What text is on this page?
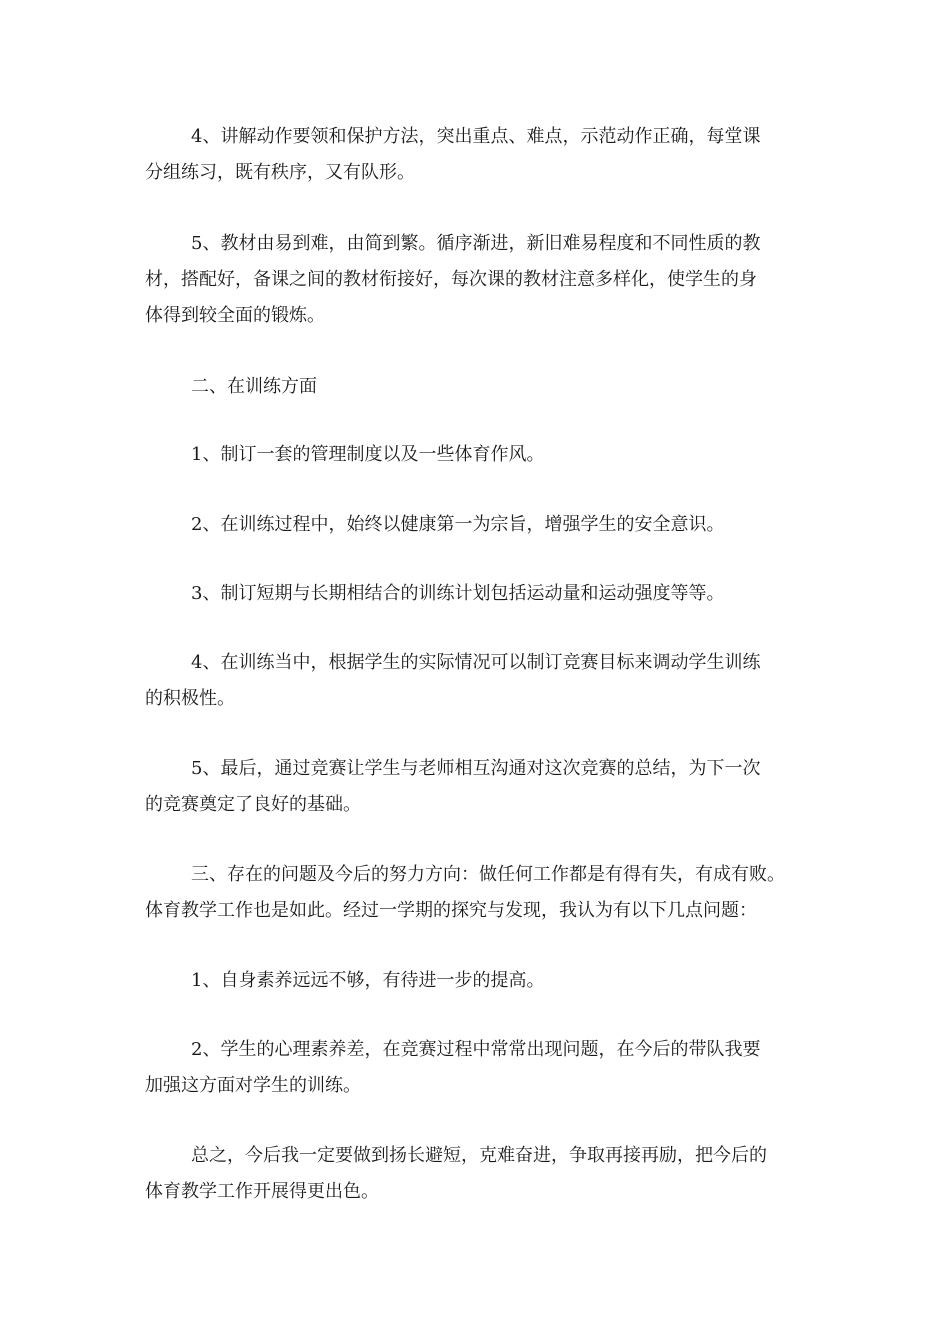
4、讲解动作要领和保护方法，突出重点、难点，示范动作正确，每堂课
分组练习，既有秩序，又有队形。

5、教材由易到难，由简到繁。循序渐进，新旧难易程度和不同性质的教
材，搭配好，备课之间的教材衔接好，每次课的教材注意多样化，使学生的身
体得到较全面的锻炼。

二、在训练方面

1、制订一套的管理制度以及一些体育作风。

2、在训练过程中，始终以健康第一为宗旨，增强学生的安全意识。

3、制订短期与长期相结合的训练计划包括运动量和运动强度等等。

4、在训练当中，根据学生的实际情况可以制订竞赛目标来调动学生训练
的积极性。

5、最后，通过竞赛让学生与老师相互沟通对这次竞赛的总结，为下一次
的竞赛奠定了良好的基础。

三、存在的问题及今后的努力方向：做任何工作都是有得有失，有成有败。
体育教学工作也是如此。经过一学期的探究与发现，我认为有以下几点问题：

1、自身素养远远不够，有待进一步的提高。

2、学生的心理素养差，在竞赛过程中常常出现问题，在今后的带队我要
加强这方面对学生的训练。

总之，今后我一定要做到扬长避短，克难奋进，争取再接再励，把今后的
体育教学工作开展得更出色。
